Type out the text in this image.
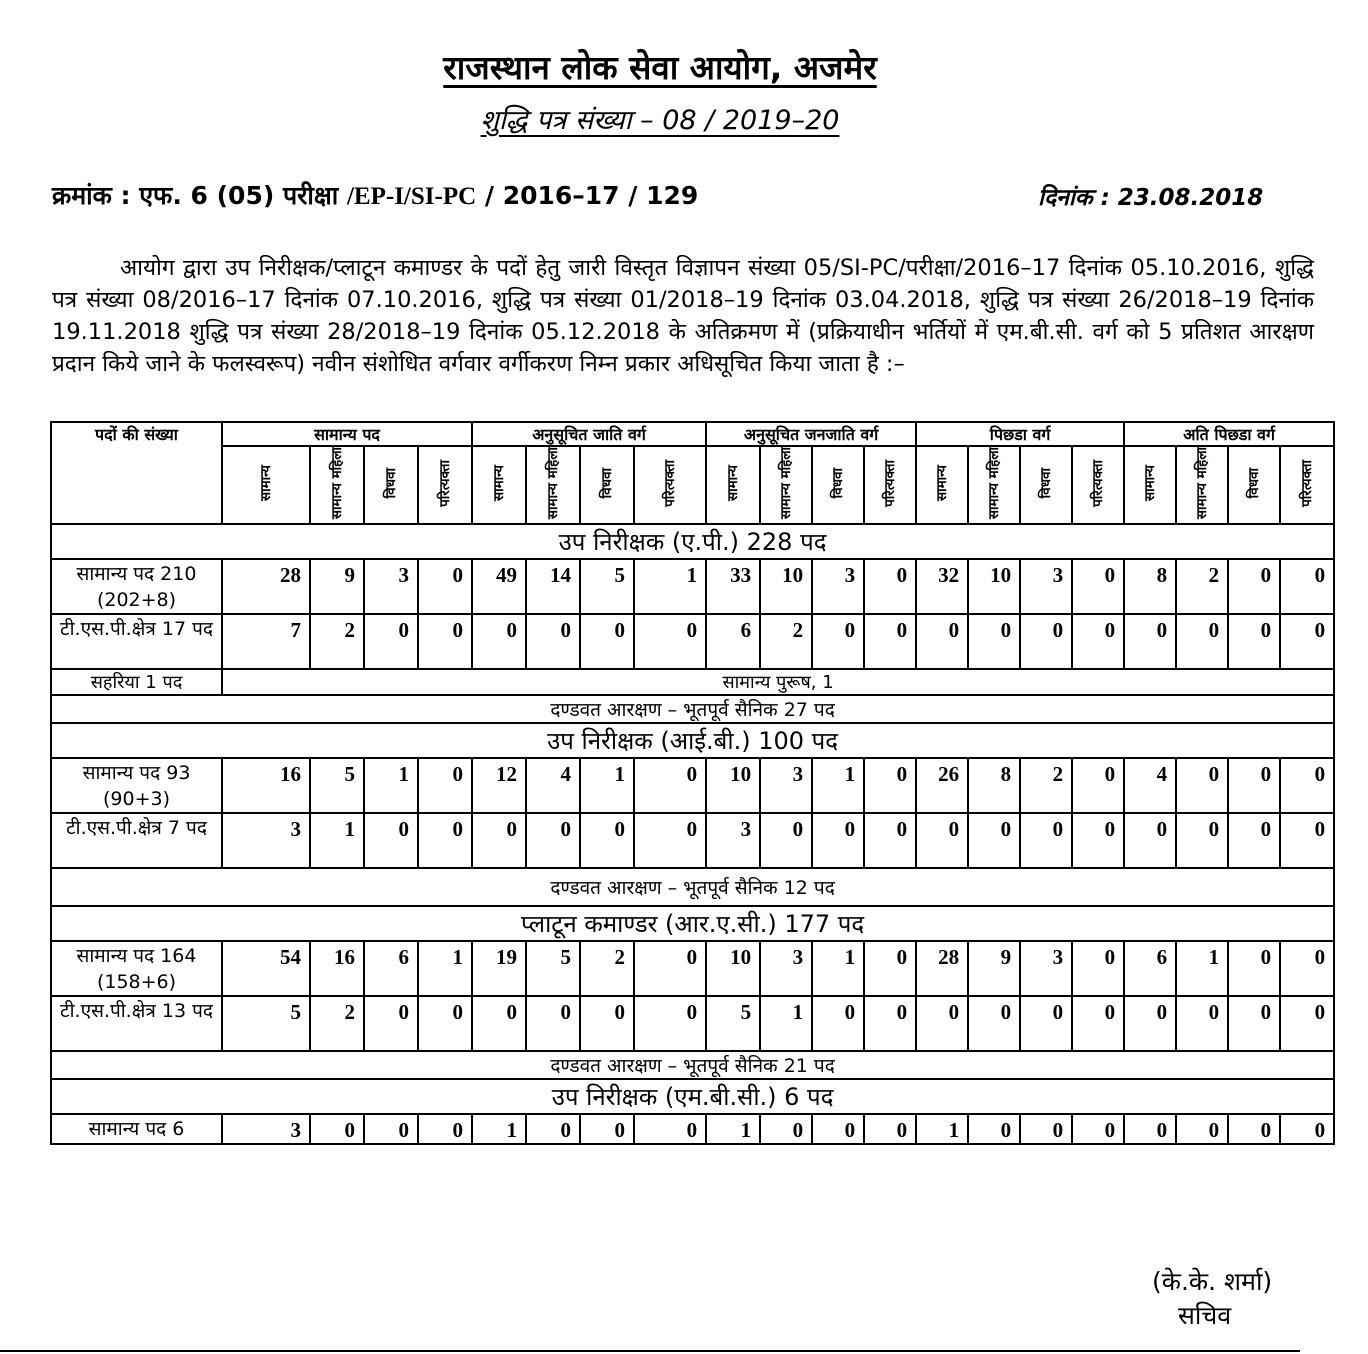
राजस्थान लोक सेवा आयोग, अजमेर
शुद्धि पत्र संख्या – 08 / 2019–20
क्रमांक : एफ. 6 (05) परीक्षा /EP-I/SI-PC / 2016–17 / 129	दिनांक : 23.08.2018
आयोग द्वारा उप निरीक्षक/प्लाटून कमाण्डर के पदों हेतु जारी विस्तृत विज्ञापन संख्या 05/SI-PC/परीक्षा/2016–17 दिनांक 05.10.2016, शुद्धि पत्र संख्या 08/2016–17 दिनांक 07.10.2016, शुद्धि पत्र संख्या 01/2018–19 दिनांक 03.04.2018, शुद्धि पत्र संख्या 26/2018–19 दिनांक 19.11.2018 शुद्धि पत्र संख्या 28/2018–19 दिनांक 05.12.2018 के अतिक्रमण में (प्रक्रियाधीन भर्तियों में एम.बी.सी. वर्ग को 5 प्रतिशत आरक्षण प्रदान किये जाने के फलस्वरूप) नवीन संशोधित वर्गवार वर्गीकरण निम्न प्रकार अधिसूचित किया जाता है :–
पदों की संख्या	सामान्य पद				अनुसूचित जाति वर्ग				अनुसूचित जनजाति वर्ग				पिछडा वर्ग				अति पिछडा वर्ग			
	सामान्य	सामान्य महिला	विधवा	परित्यक्ता	सामान्य	सामान्य महिला	विधवा	परित्यक्ता	सामान्य	सामान्य महिला	विधवा	परित्यक्ता	सामान्य	सामान्य महिला	विधवा	परित्यक्ता	सामान्य	सामान्य महिला	विधवा	परित्यक्ता
उप निरीक्षक (ए.पी.) 228 पद																				
सामान्य पद 210 (202+8)	28	9	3	0	49	14	5	1	33	10	3	0	32	10	3	0	8	2	0	0
टी.एस.पी.क्षेत्र 17 पद	7	2	0	0	0	0	0	0	6	2	0	0	0	0	0	0	0	0	0	0
सहरिया 1 पद	सामान्य पुरूष, 1																			
दण्डवत आरक्षण – भूतपूर्व सैनिक 27 पद																				
उप निरीक्षक (आई.बी.) 100 पद																				
सामान्य पद 93 (90+3)	16	5	1	0	12	4	1	0	10	3	1	0	26	8	2	0	4	0	0	0
टी.एस.पी.क्षेत्र 7 पद	3	1	0	0	0	0	0	0	3	0	0	0	0	0	0	0	0	0	0	0
दण्डवत आरक्षण – भूतपूर्व सैनिक 12 पद																				
प्लाटून कमाण्डर (आर.ए.सी.) 177 पद																				
सामान्य पद 164 (158+6)	54	16	6	1	19	5	2	0	10	3	1	0	28	9	3	0	6	1	0	0
टी.एस.पी.क्षेत्र 13 पद	5	2	0	0	0	0	0	0	5	1	0	0	0	0	0	0	0	0	0	0
दण्डवत आरक्षण – भूतपूर्व सैनिक 21 पद																				
उप निरीक्षक (एम.बी.सी.) 6 पद																				
सामान्य पद 6	3	0	0	0	1	0	0	0	1	0	0	0	1	0	0	0	0	0	0	0
(के.के. शर्मा)
सचिव
